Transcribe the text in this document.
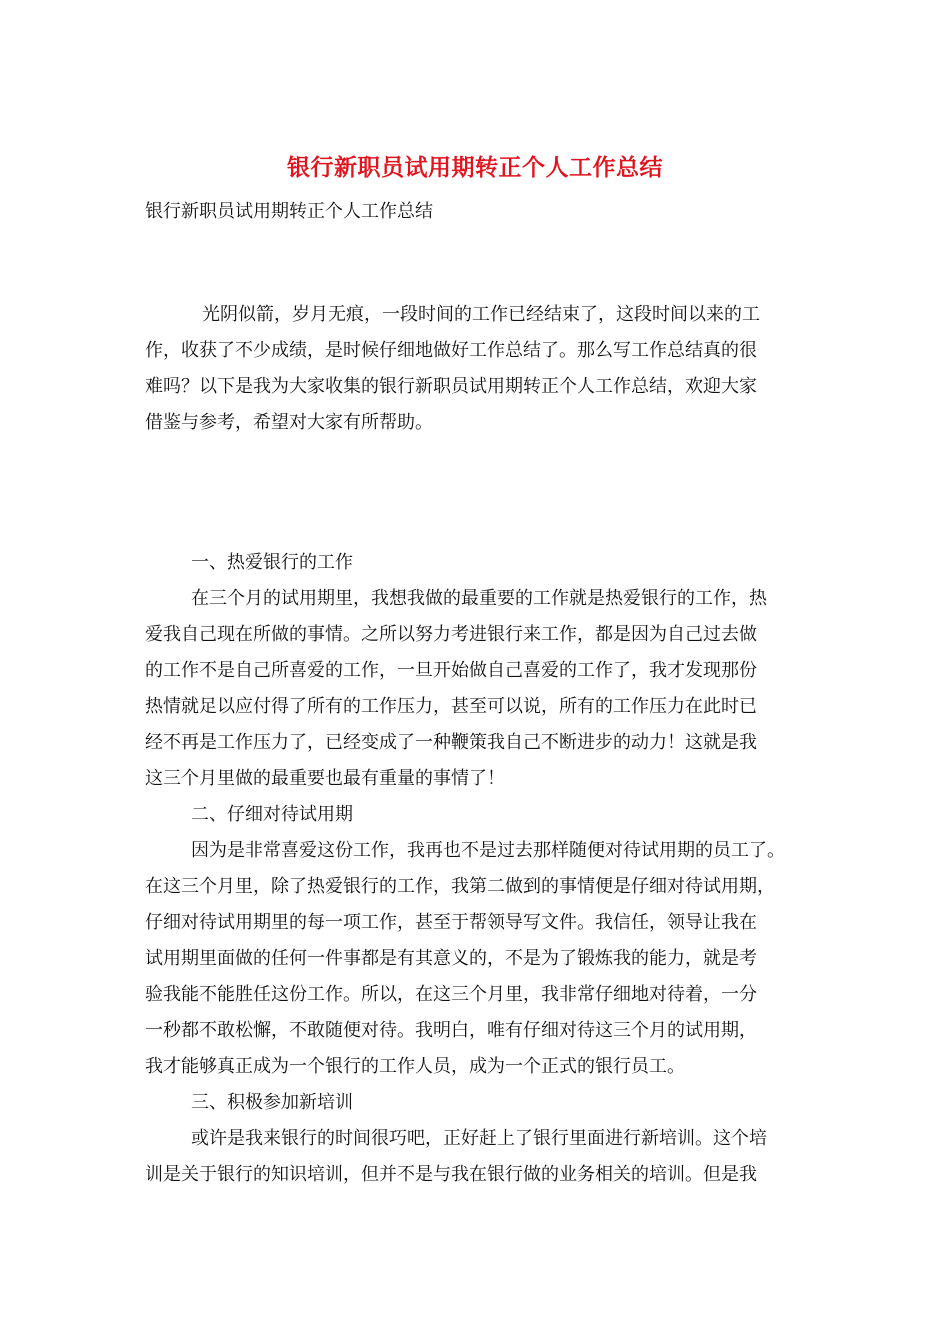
银行新职员试用期转正个人工作总结
银行新职员试用期转正个人工作总结
光阴似箭，岁月无痕，一段时间的工作已经结束了，这段时间以来的工
作，收获了不少成绩，是时候仔细地做好工作总结了。那么写工作总结真的很
难吗？以下是我为大家收集的银行新职员试用期转正个人工作总结，欢迎大家
借鉴与参考，希望对大家有所帮助。
一、热爱银行的工作
在三个月的试用期里，我想我做的最重要的工作就是热爱银行的工作，热
爱我自己现在所做的事情。之所以努力考进银行来工作，都是因为自己过去做
的工作不是自己所喜爱的工作，一旦开始做自己喜爱的工作了，我才发现那份
热情就足以应付得了所有的工作压力，甚至可以说，所有的工作压力在此时已
经不再是工作压力了，已经变成了一种鞭策我自己不断进步的动力！这就是我
这三个月里做的最重要也最有重量的事情了！
二、仔细对待试用期
因为是非常喜爱这份工作，我再也不是过去那样随便对待试用期的员工了。
在这三个月里，除了热爱银行的工作，我第二做到的事情便是仔细对待试用期，
仔细对待试用期里的每一项工作，甚至于帮领导写文件。我信任，领导让我在
试用期里面做的任何一件事都是有其意义的，不是为了锻炼我的能力，就是考
验我能不能胜任这份工作。所以，在这三个月里，我非常仔细地对待着，一分
一秒都不敢松懈，不敢随便对待。我明白，唯有仔细对待这三个月的试用期，
我才能够真正成为一个银行的工作人员，成为一个正式的银行员工。
三、积极参加新培训
或许是我来银行的时间很巧吧，正好赶上了银行里面进行新培训。这个培
训是关于银行的知识培训，但并不是与我在银行做的业务相关的培训。但是我
